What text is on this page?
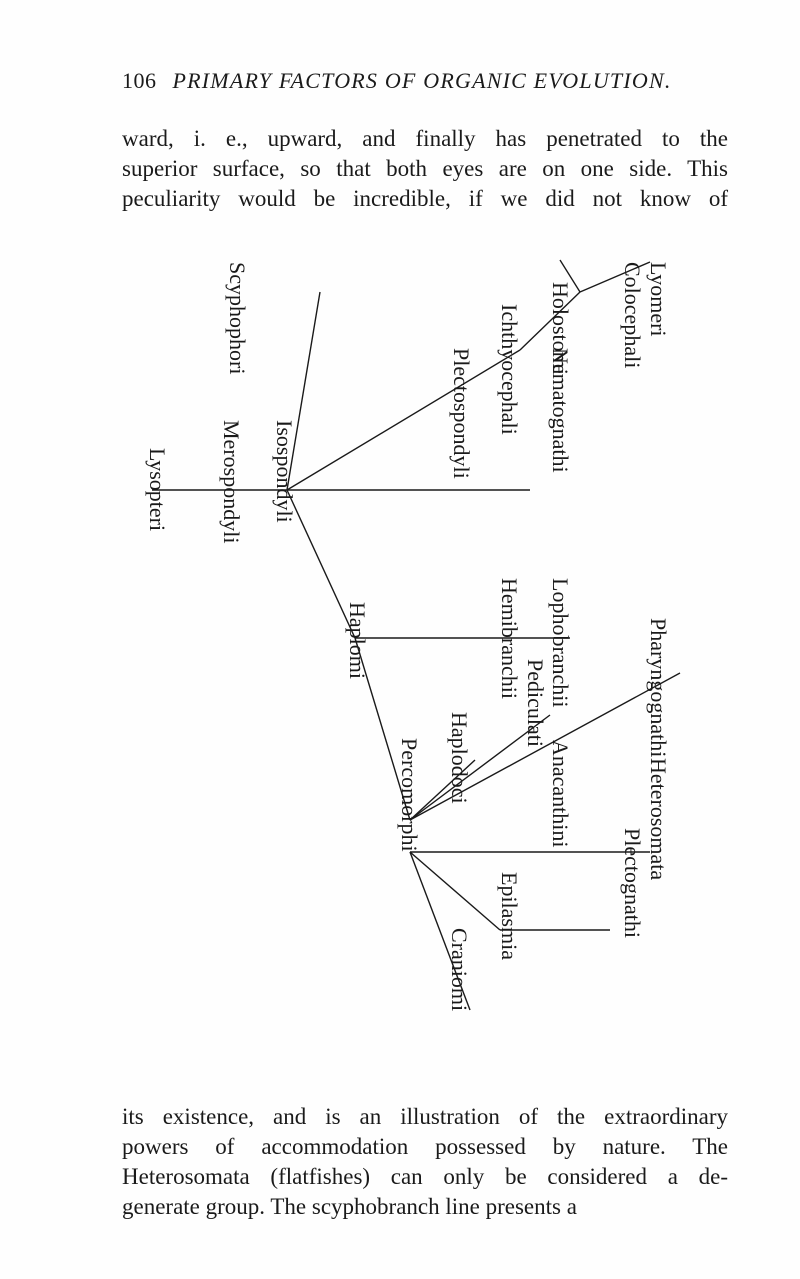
106 PRIMARY FACTORS OF ORGANIC EVOLUTION.
ward, i. e., upward, and finally has penetrated to the
superior surface, so that both eyes are on one side. This
peculiarity would be incredible, if we did not know of
Lyomeri
Colocephali
Holostomi
Ichthyocephali
Scyphophori
Nematognathi
Plectospondyli
Isospondyli
Merospondyli
Lysopteri
Pharyngognathi
Lophobranchii
Hemibranchii
Haplomi
Pediculati
Haplodoci
Heterosomata
Anacanthini
Percomorphi
Plectognathi
Epilasmia
Craniomi
its existence, and is an illustration of the extraordinary
powers of accommodation possessed by nature. The
Heterosomata (flatfishes) can only be considered a de-
generate group. The scyphobranch line presents a
